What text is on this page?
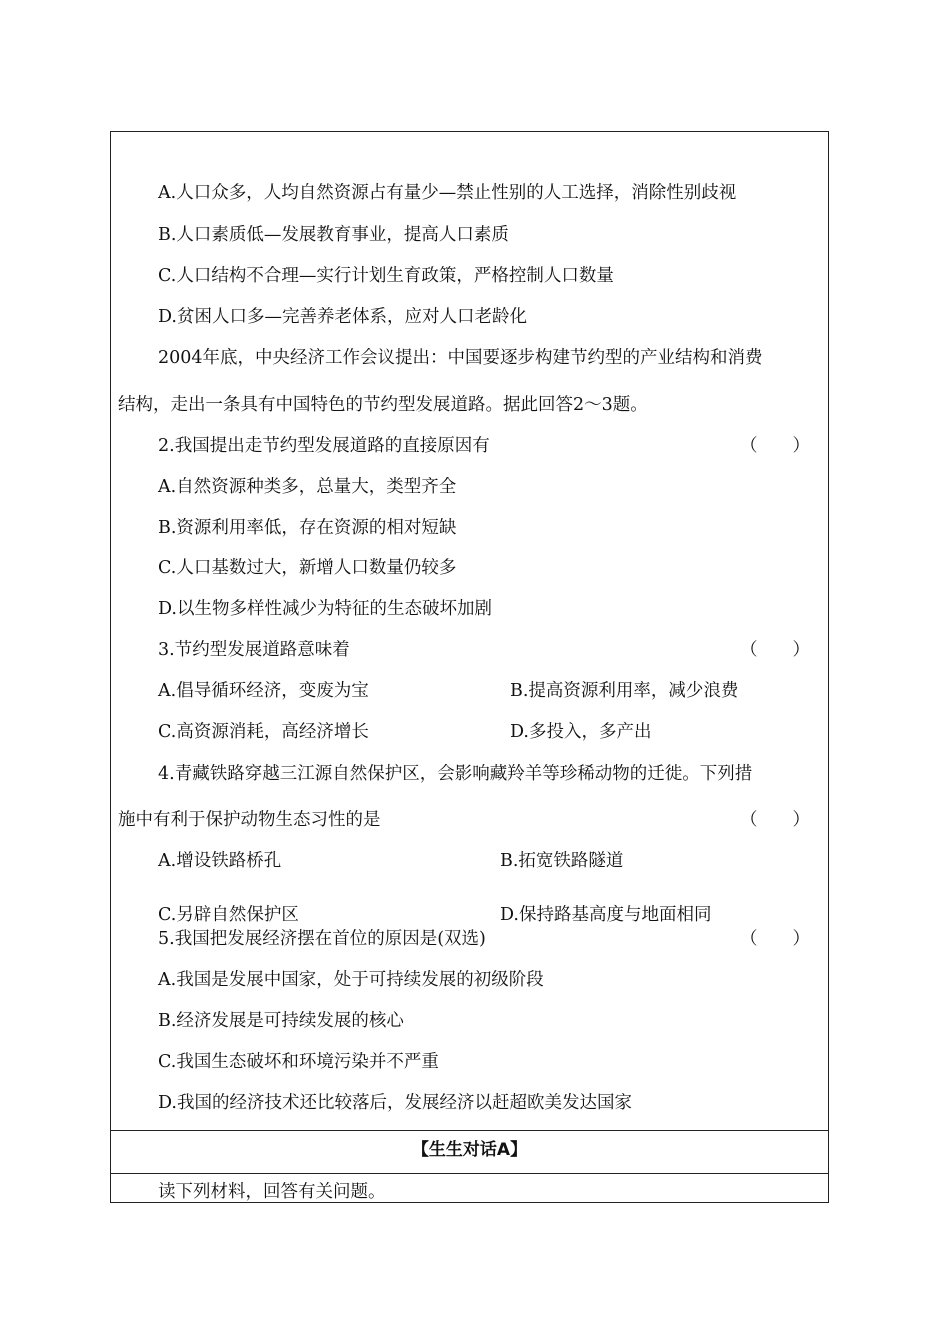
A.人口众多，人均自然资源占有量少—禁止性别的人工选择，消除性别歧视
B.人口素质低—发展教育事业，提高人口素质
C.人口结构不合理—实行计划生育政策，严格控制人口数量
D.贫困人口多—完善养老体系，应对人口老龄化
2004年底，中央经济工作会议提出：中国要逐步构建节约型的产业结构和消费
结构，走出一条具有中国特色的节约型发展道路。据此回答2～3题。
2.我国提出走节约型发展道路的直接原因有	（　　）
A.自然资源种类多，总量大，类型齐全
B.资源利用率低，存在资源的相对短缺
C.人口基数过大，新增人口数量仍较多
D.以生物多样性减少为特征的生态破坏加剧
3.节约型发展道路意味着	（　　）
A.倡导循环经济，变废为宝	B.提高资源利用率，减少浪费
C.高资源消耗，高经济增长	D.多投入，多产出
4.青藏铁路穿越三江源自然保护区，会影响藏羚羊等珍稀动物的迁徙。下列措
施中有利于保护动物生态习性的是	（　　）
A.增设铁路桥孔	B.拓宽铁路隧道
C.另辟自然保护区	D.保持路基高度与地面相同
5.我国把发展经济摆在首位的原因是(双选)	（　　）
A.我国是发展中国家，处于可持续发展的初级阶段
B.经济发展是可持续发展的核心
C.我国生态破坏和环境污染并不严重
D.我国的经济技术还比较落后，发展经济以赶超欧美发达国家
【生生对话A】
读下列材料，回答有关问题。
